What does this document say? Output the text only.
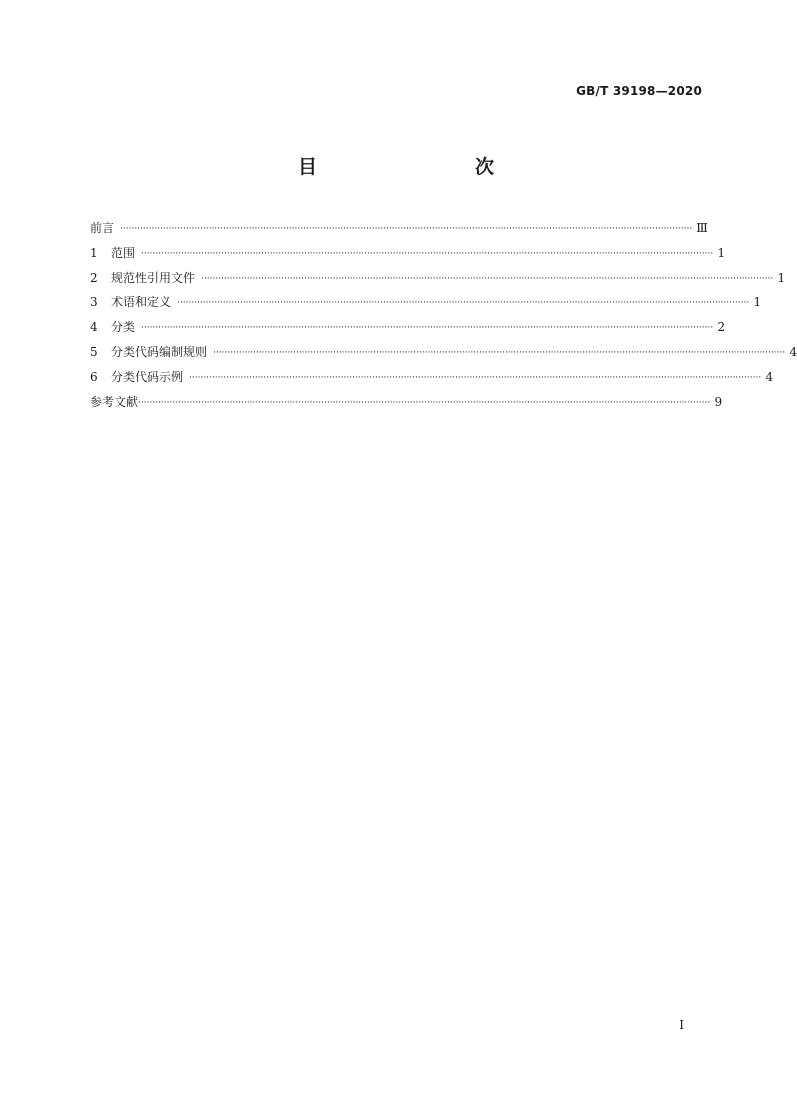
GB/T 39198—2020
目　　次
前言 ········································································································································································································ Ⅲ
1	范围 ········································································································································································································ 1
2	规范性引用文件 ········································································································································································································ 1
3	术语和定义 ········································································································································································································ 1
4	分类 ········································································································································································································ 2
5	分类代码编制规则 ········································································································································································································ 4
6	分类代码示例 ········································································································································································································ 4
参考文献 ········································································································································································································ 9
Ⅰ
